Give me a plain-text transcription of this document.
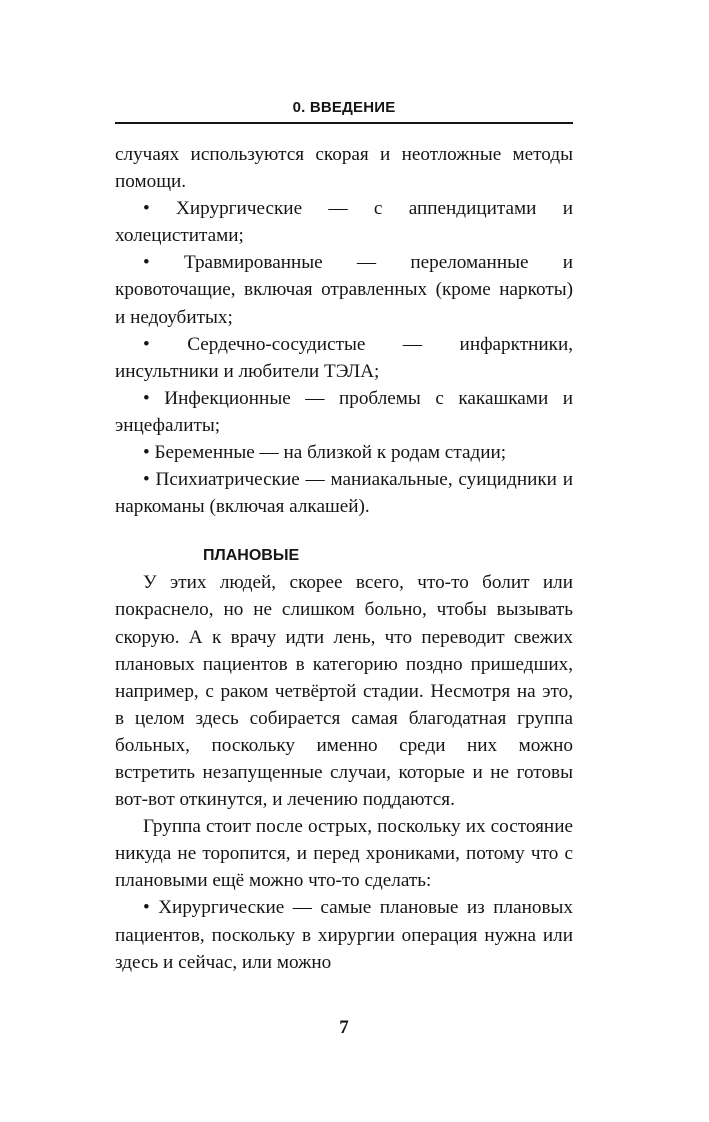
0. ВВЕДЕНИЕ

случаях используются скорая и неотложные методы помощи.

• Хирургические — с аппендицитами и холециститами;

• Травмированные — переломанные и кровоточащие, включая отравленных (кроме наркоты) и недоубитых;

• Сердечно-сосудистые — инфарктники, инсультники и любители ТЭЛА;

• Инфекционные — проблемы с какашками и энцефалиты;

• Беременные — на близкой к родам стадии;

• Психиатрические — маниакальные, суицидники и наркоманы (включая алкашей).

ПЛАНОВЫЕ

У этих людей, скорее всего, что-то болит или покраснело, но не слишком больно, чтобы вызывать скорую. А к врачу идти лень, что переводит свежих плановых пациентов в категорию поздно пришедших, например, с раком четвёртой стадии. Несмотря на это, в целом здесь собирается самая благодатная группа больных, поскольку именно среди них можно встретить незапущенные случаи, которые и не готовы вот-вот откинутся, и лечению поддаются.

Группа стоит после острых, поскольку их состояние никуда не торопится, и перед хрониками, потому что с плановыми ещё можно что-то сделать:

• Хирургические — самые плановые из плановых пациентов, поскольку в хирургии операция нужна или здесь и сейчас, или можно

7
